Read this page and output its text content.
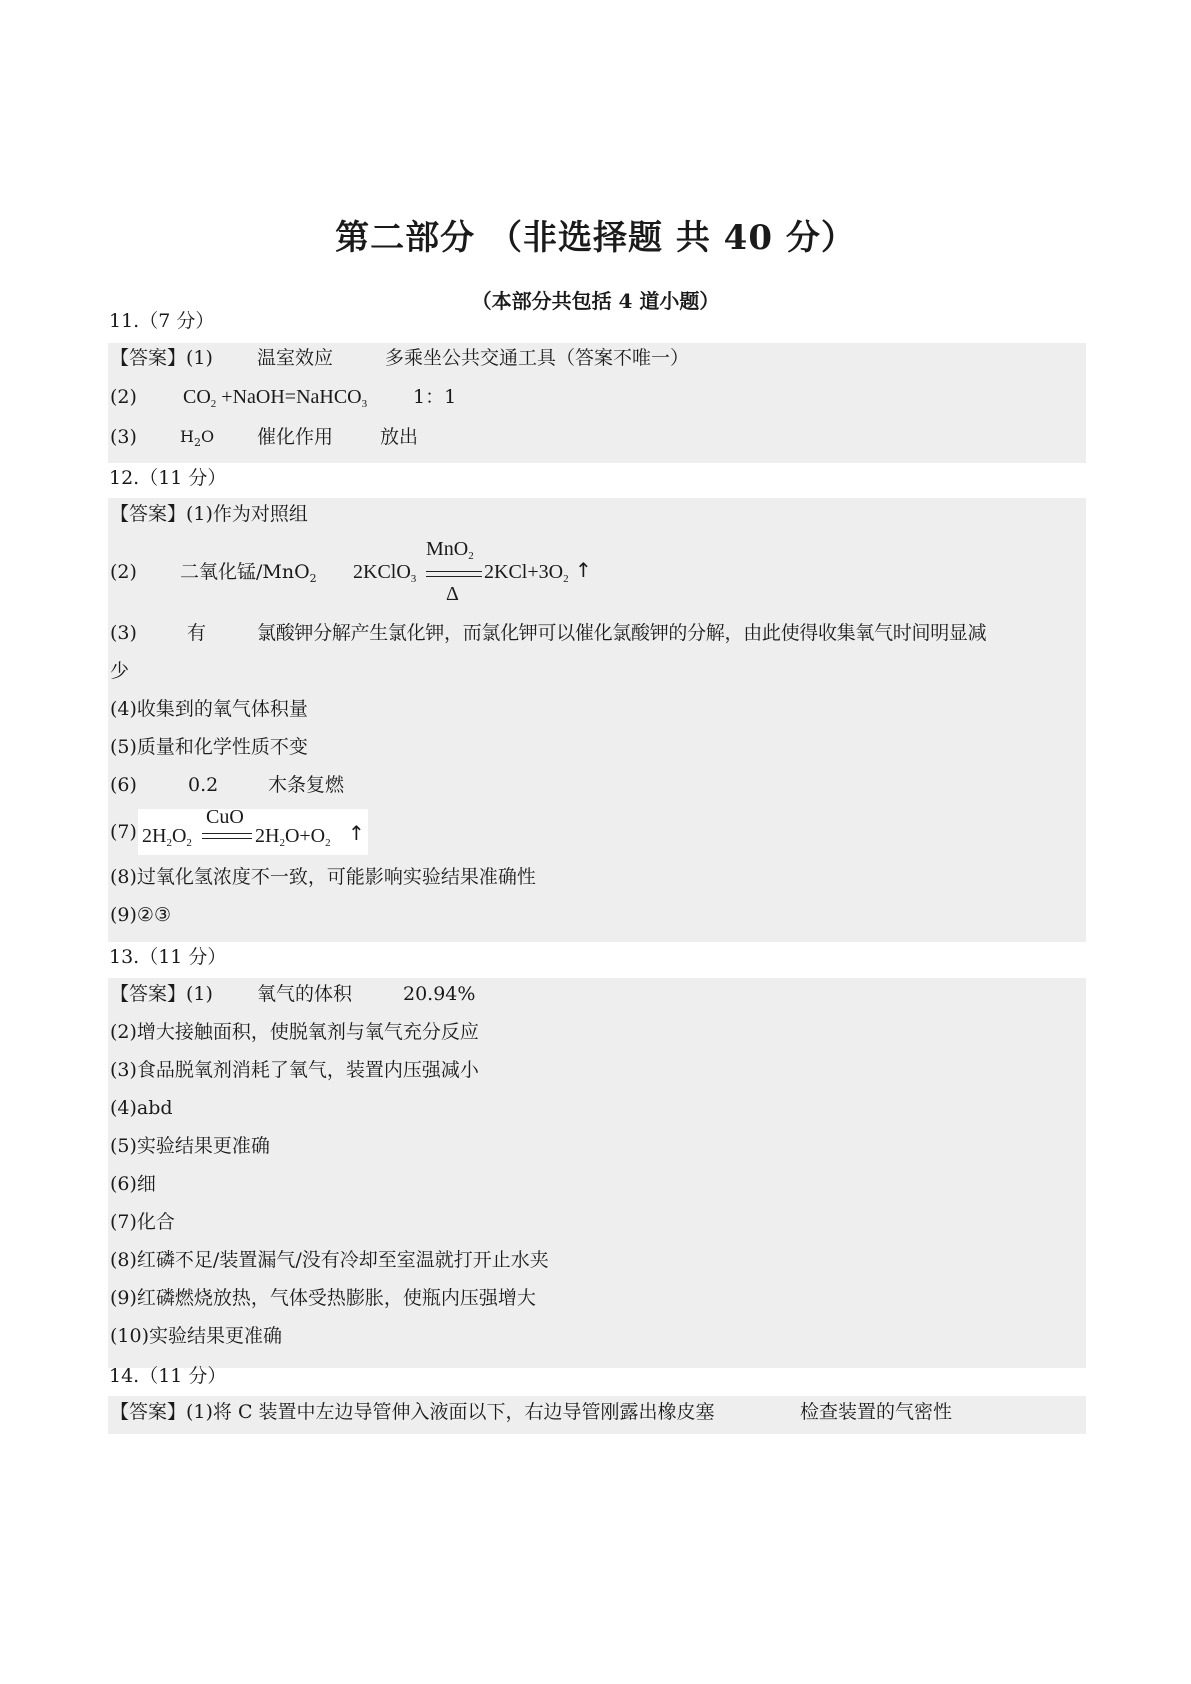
第二部分 （非选择题 共 40 分）
（本部分共包括 4 道小题）
11.（7 分）
【答案】(1) 温室效应	多乘坐公共交通工具（答案不唯一）
(2) $CO_2$ +NaOH=NaHCO$_3$ 1：1
(3)	$H_2O$ 催化作用 放出
12.（11 分）
【答案】(1)作为对照组
(2) 二氧化锰/MnO$_2$ 2KClO$_3$
MnO$_2$
Δ
$2KCl+3O_2$ ↑
(3)	有	氯酸钾分解产生氯化钾，而氯化钾可以催化氯酸钾的分解，由此使得收集氧气时间明显减
少
(4)收集到的氧气体积量
(5)质量和化学性质不变
(6)	0.2	木条复燃
(7) $2H_2O_2$
CuO
$2H_2O+O_2$ ↑
(8)过氧化氢浓度不一致，可能影响实验结果准确性
(9)②③
13.（11 分）
【答案】(1) 氧气的体积	20.94%
(2)增大接触面积，使脱氧剂与氧气充分反应
(3)食品脱氧剂消耗了氧气，装置内压强减小
(4)abd
(5)实验结果更准确
(6)细
(7)化合
(8)红磷不足/装置漏气/没有冷却至室温就打开止水夹
(9)红磷燃烧放热，气体受热膨胀，使瓶内压强增大
(10)实验结果更准确
14.（11 分）
【答案】(1)将 C 装置中左边导管伸入液面以下，右边导管刚露出橡皮塞	检查装置的气密性
